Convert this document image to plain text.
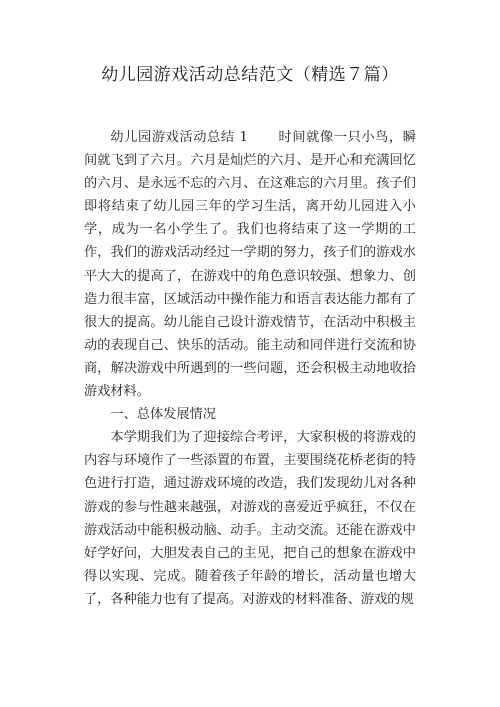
幼儿园游戏活动总结范文（精选７篇）

幼儿园游戏活动总结 1 时间就像一只小鸟，瞬间就飞到了六月。六月是灿烂的六月、是开心和充满回忆的六月、是永远不忘的六月、在这难忘的六月里。孩子们即将结束了幼儿园三年的学习生活，离开幼儿园进入小学，成为一名小学生了。我们也将结束了这一学期的工作，我们的游戏活动经过一学期的努力，孩子们的游戏水平大大的提高了，在游戏中的角色意识较强、想象力、创造力很丰富，区域活动中操作能力和语言表达能力都有了很大的提高。幼儿能自己设计游戏情节，在活动中积极主动的表现自己、快乐的活动。能主动和同伴进行交流和协商，解决游戏中所遇到的一些问题，还会积极主动地收拾游戏材料。

一、总体发展情况

本学期我们为了迎接综合考评，大家积极的将游戏的内容与环境作了一些添置的布置，主要围绕花桥老街的特色进行打造，通过游戏环境的改造，我们发现幼儿对各种游戏的参与性越来越强，对游戏的喜爱近乎疯狂，不仅在游戏活动中能积极动脑、动手。主动交流。还能在游戏中好学好问，大胆发表自己的主见，把自己的想象在游戏中得以实现、完成。随着孩子年龄的增长，活动量也增大了，各种能力也有了提高。对游戏的材料准备、游戏的规
